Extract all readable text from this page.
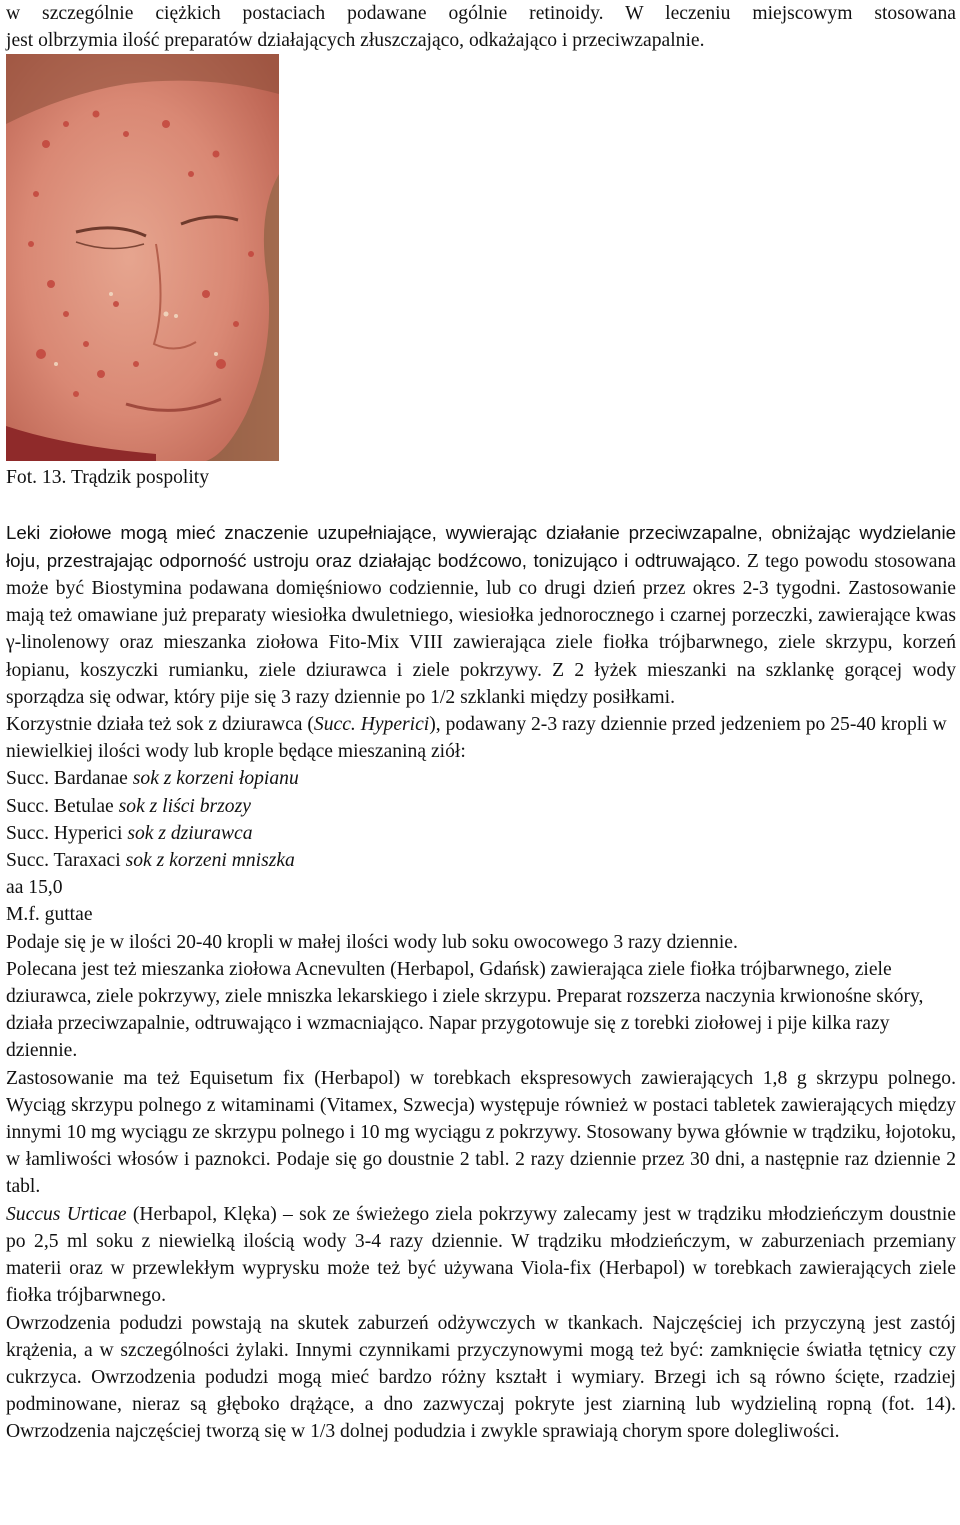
w szczególnie ciężkich postaciach podawane ogólnie retinoidy. W leczeniu miejscowym stosowana
jest olbrzymia ilość preparatów działających złuszczająco, odkażająco i przeciwzapalnie.

Fot. 13. Trądzik pospolity

Leki ziołowe mogą mieć znaczenie uzupełniające, wywierając działanie przeciwzapalne, obniżając wydzielanie łoju, przestrajając odporność ustroju oraz działając bodźcowo, tonizująco i odtruwająco. Z tego powodu stosowana może być Biostymina podawana domięśniowo codziennie, lub co drugi dzień przez okres 2-3 tygodni. Zastosowanie mają też omawiane już preparaty wiesiołka dwuletniego, wiesiołka jednorocznego i czarnej porzeczki, zawierające kwas γ-linolenowy oraz mieszanka ziołowa Fito-Mix VIII zawierająca ziele fiołka trójbarwnego, ziele skrzypu, korzeń łopianu, koszyczki rumianku, ziele dziurawca i ziele pokrzywy. Z 2 łyżek mieszanki na szklankę gorącej wody sporządza się odwar, który pije się 3 razy dziennie po 1/2 szklanki między posiłkami.

Korzystnie działa też sok z dziurawca (Succ. Hyperici), podawany 2-3 razy dziennie przed jedzeniem po 25-40 kropli w niewielkiej ilości wody lub krople będące mieszaniną ziół:

Succ. Bardanae sok z korzeni łopianu

Succ. Betulae sok z liści brzozy

Succ. Hyperici sok z dziurawca

Succ. Taraxaci sok z korzeni mniszka

aa 15,0

M.f. guttae

Podaje się je w ilości 20-40 kropli w małej ilości wody lub soku owocowego 3 razy dziennie.

Polecana jest też mieszanka ziołowa Acnevulten (Herbapol, Gdańsk) zawierająca ziele fiołka trójbarwnego, ziele dziurawca, ziele pokrzywy, ziele mniszka lekarskiego i ziele skrzypu. Preparat rozszerza naczynia krwionośne skóry, działa przeciwzapalnie, odtruwająco i wzmacniająco. Napar przygotowuje się z torebki ziołowej i pije kilka razy dziennie.

Zastosowanie ma też Equisetum fix (Herbapol) w torebkach ekspresowych zawierających 1,8 g skrzypu polnego. Wyciąg skrzypu polnego z witaminami (Vitamex, Szwecja) występuje również w postaci tabletek zawierających między innymi 10 mg wyciągu ze skrzypu polnego i 10 mg wyciągu z pokrzywy. Stosowany bywa głównie w trądziku, łojotoku, w łamliwości włosów i paznokci. Podaje się go doustnie 2 tabl. 2 razy dziennie przez 30 dni, a następnie raz dziennie 2 tabl.

Succus Urticae (Herbapol, Klęka) – sok ze świeżego ziela pokrzywy zalecamy jest w trądziku młodzieńczym doustnie po 2,5 ml soku z niewielką ilością wody 3-4 razy dziennie. W trądziku młodzieńczym, w zaburzeniach przemiany materii oraz w przewlekłym wyprysku może też być używana Viola-fix (Herbapol) w torebkach zawierających ziele fiołka trójbarwnego.

Owrzodzenia podudzi powstają na skutek zaburzeń odżywczych w tkankach. Najczęściej ich przyczyną jest zastój krążenia, a w szczególności żylaki. Innymi czynnikami przyczynowymi mogą też być: zamknięcie światła tętnicy czy cukrzyca. Owrzodzenia podudzi mogą mieć bardzo różny kształt i wymiary. Brzegi ich są równo ścięte, rzadziej podminowane, nieraz są głęboko drążące, a dno zazwyczaj pokryte jest ziarniną lub wydzieliną ropną (fot. 14). Owrzodzenia najczęściej tworzą się w 1/3 dolnej podudzia i zwykle sprawiają chorym spore dolegliwości.
